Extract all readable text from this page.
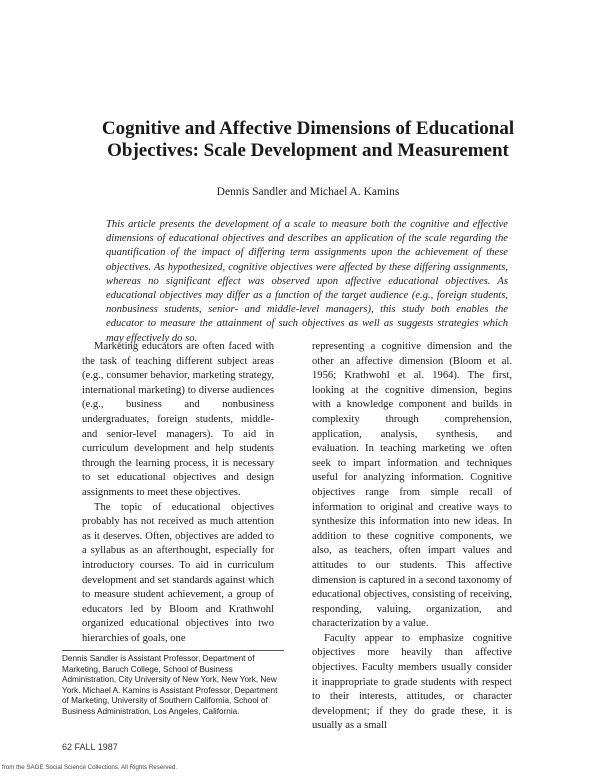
Cognitive and Affective Dimensions of Educational Objectives: Scale Development and Measurement
Dennis Sandler and Michael A. Kamins
This article presents the development of a scale to measure both the cognitive and effective dimensions of educational objectives and describes an application of the scale regarding the quantification of the impact of differing term assignments upon the achievement of these objectives. As hypothesized, cognitive objectives were affected by these differing assignments, whereas no significant effect was observed upon affective educational objectives. As educational objectives may differ as a function of the target audience (e.g., foreign students, nonbusiness students, senior- and middle-level managers), this study both enables the educator to measure the attainment of such objectives as well as suggests strategies which may effectively do so.

Marketing educators are often faced with the task of teaching different subject areas (e.g., consumer behavior, marketing strategy, international marketing) to diverse audiences (e.g., business and nonbusiness undergraduates, foreign students, middle- and senior-level managers). To aid in curriculum development and help students through the learning process, it is necessary to set educational objectives and design assignments to meet these objectives.

The topic of educational objectives probably has not received as much attention as it deserves. Often, objectives are added to a syllabus as an afterthought, especially for introductory courses. To aid in curriculum development and set standards against which to measure student achievement, a group of educators led by Bloom and Krathwohl organized educational objectives into two hierarchies of goals, one

representing a cognitive dimension and the other an affective dimension (Bloom et al. 1956; Krathwohl et al. 1964). The first, looking at the cognitive dimension, begins with a knowledge component and builds in complexity through comprehension, application, analysis, synthesis, and evaluation. In teaching marketing we often seek to impart information and techniques useful for analyzing information. Cognitive objectives range from simple recall of information to original and creative ways to synthesize this information into new ideas. In addition to these cognitive components, we also, as teachers, often impart values and attitudes to our students. This affective dimension is captured in a second taxonomy of educational objectives, consisting of receiving, responding, valuing, organization, and characterization by a value.

Faculty appear to emphasize cognitive objectives more heavily than affective objectives. Faculty members usually consider it inappropriate to grade students with respect to their interests, attitudes, or character development; if they do grade these, it is usually as a small

Dennis Sandler is Assistant Professor, Department of Marketing, Baruch College, School of Business Administration, City University of New York, New York, New York. Michael A. Kamins is Assistant Professor, Department of Marketing, University of Southern California, School of Business Administration, Los Angeles, California.
62 FALL 1987
from the SAGE Social Science Collections. All Rights Reserved.
